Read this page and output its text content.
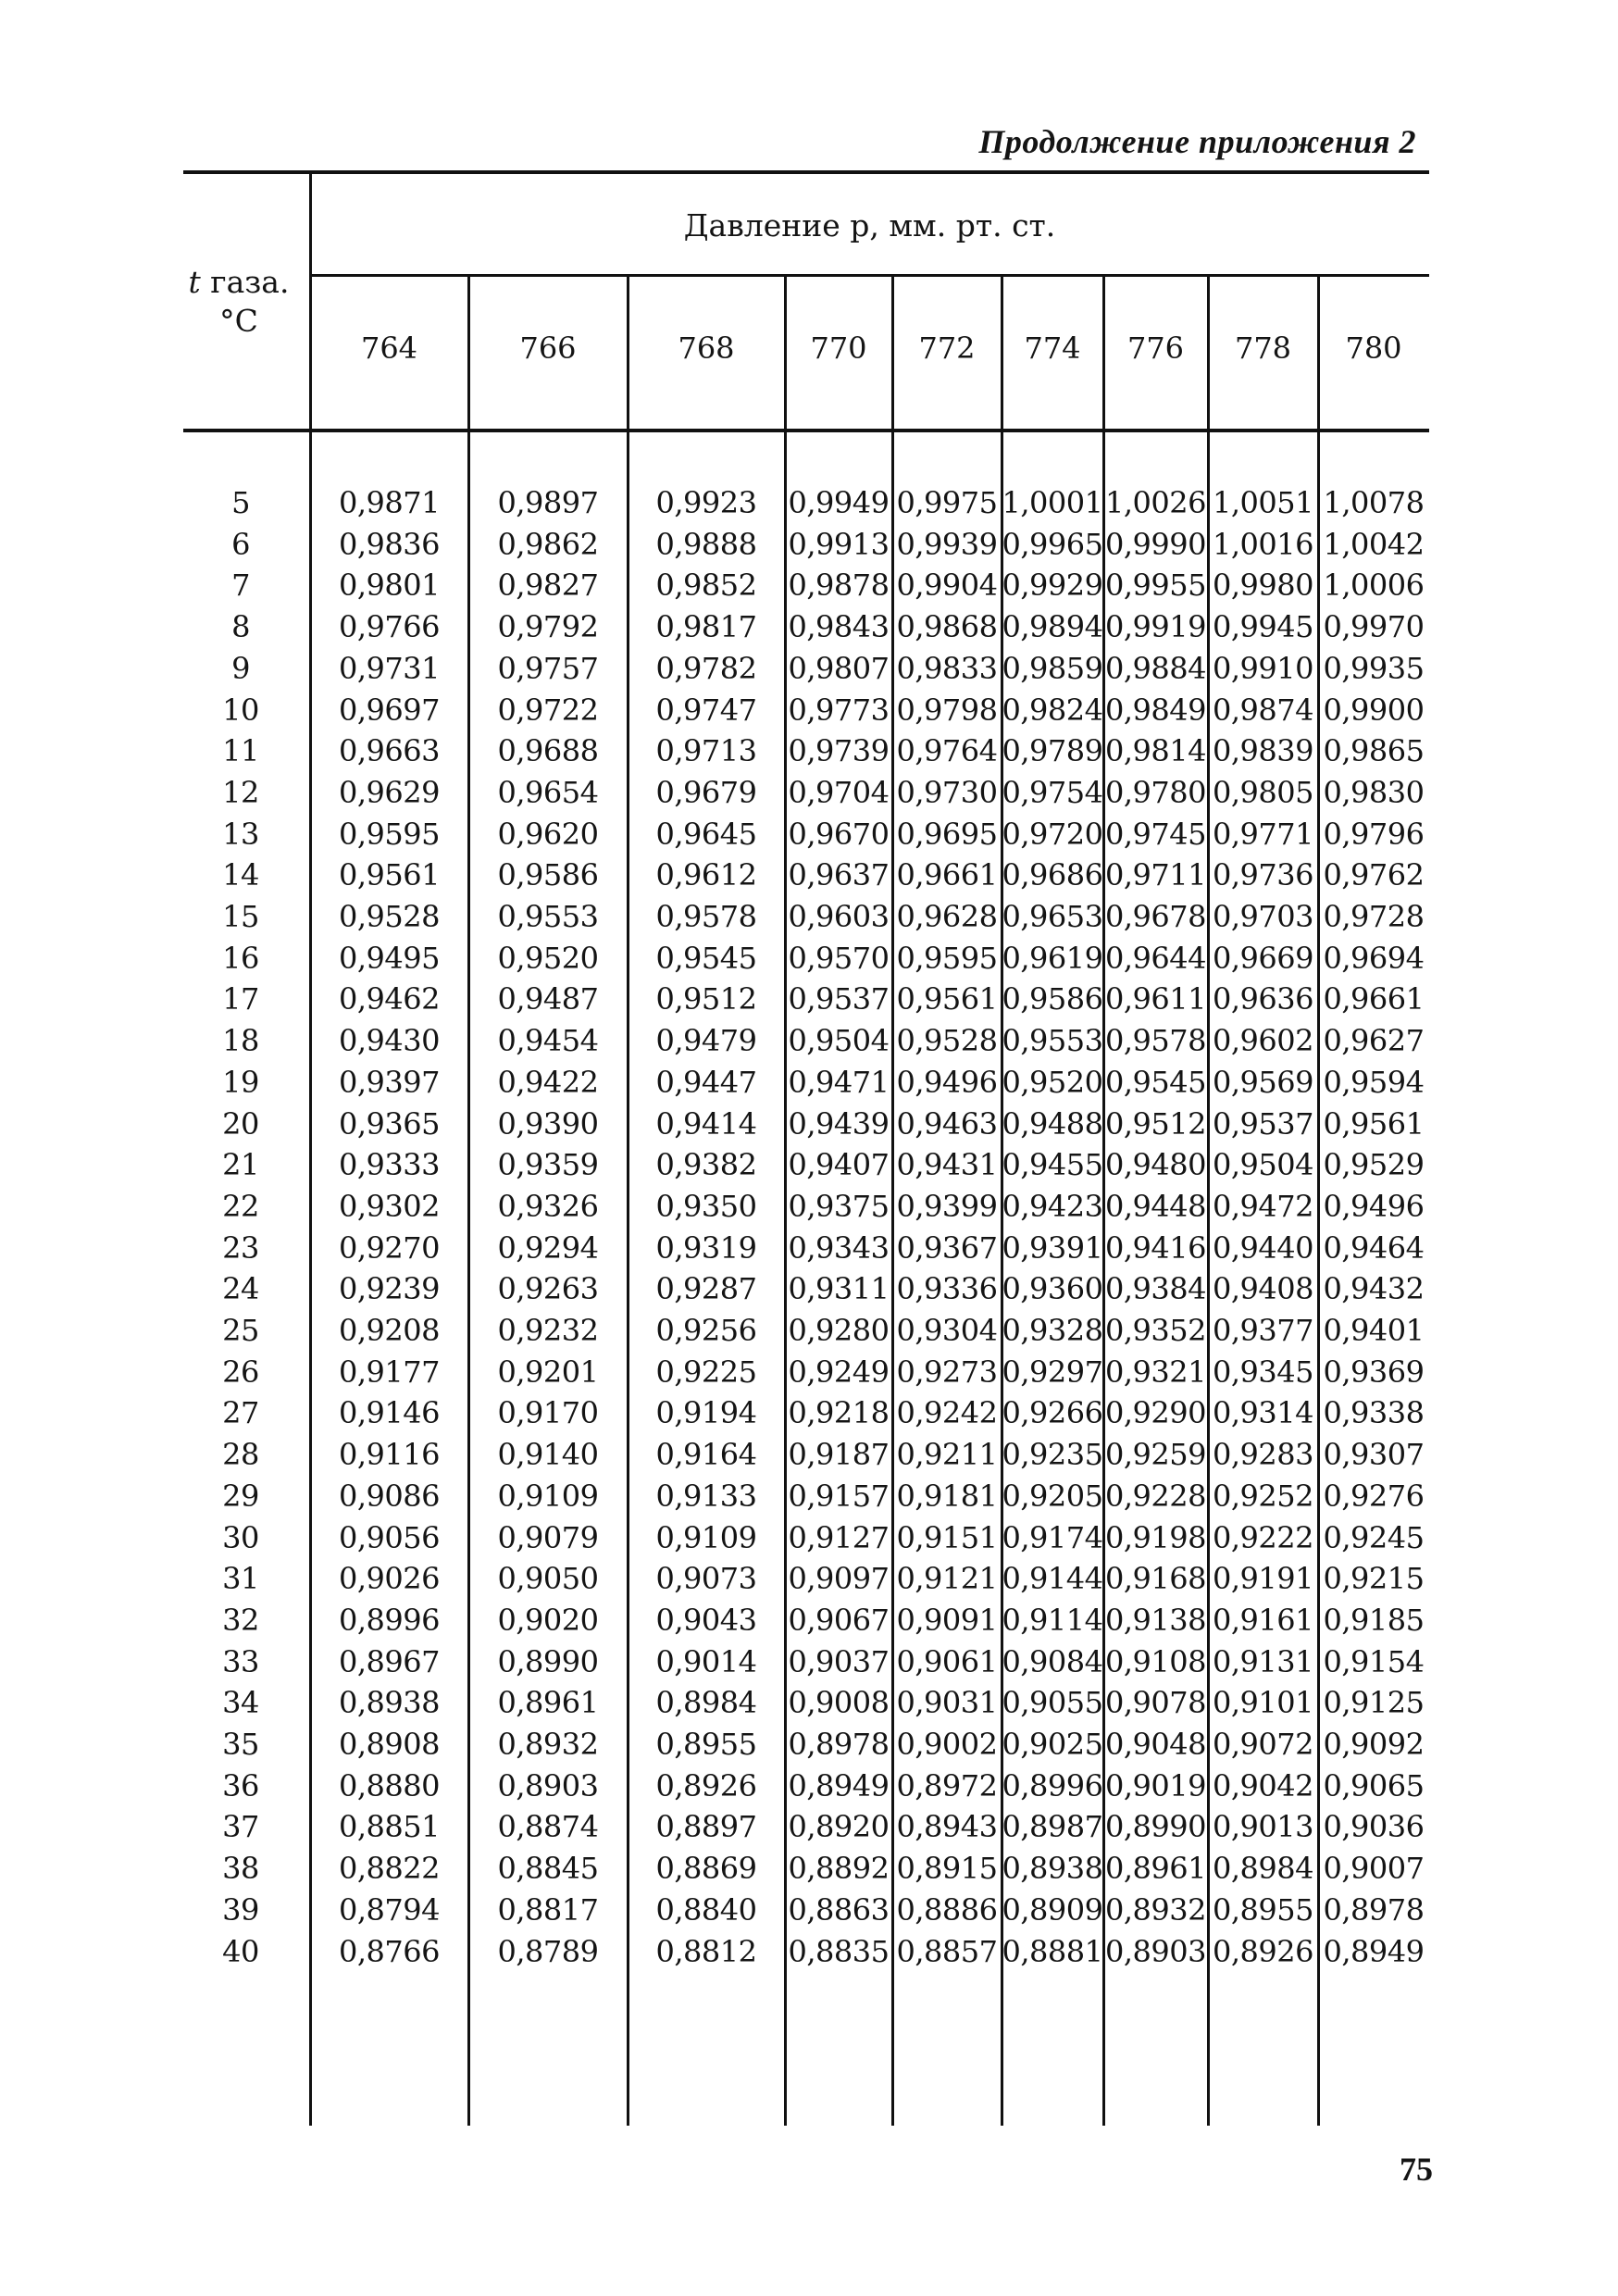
Продолжение приложения 2
t газа.
°C
Давление p, мм. рт. ст.
764	766	768	770	772	774	776	778	780
5	0,9871	0,9897	0,9923	0,9949 0,9975 1,0001 1,0026 1,0051 1,0078
6	0,9836	0,9862	0,9888	0,9913 0,9939 0,9965 0,9990 1,0016 1,0042
7	0,9801	0,9827	0,9852	0,9878 0,9904 0,9929 0,9955 0,9980 1,0006
8	0,9766	0,9792	0,9817	0,9843 0,9868 0,9894 0,9919 0,9945 0,9970
9	0,9731	0,9757	0,9782	0,9807 0,9833 0,9859 0,9884 0,9910 0,9935
10	0,9697	0,9722	0,9747	0,9773 0,9798 0,9824 0,9849 0,9874 0,9900
11	0,9663	0,9688	0,9713	0,9739 0,9764 0,9789 0,9814 0,9839 0,9865
12	0,9629	0,9654	0,9679	0,9704 0,9730 0,9754 0,9780 0,9805 0,9830
13	0,9595	0,9620	0,9645	0,9670 0,9695 0,9720 0,9745 0,9771 0,9796
14	0,9561	0,9586	0,9612	0,9637 0,9661 0,9686 0,9711 0,9736 0,9762
15	0,9528	0,9553	0,9578	0,9603 0,9628 0,9653 0,9678 0,9703 0,9728
16	0,9495	0,9520	0,9545	0,9570 0,9595 0,9619 0,9644 0,9669 0,9694
17	0,9462	0,9487	0,9512	0,9537 0,9561 0,9586 0,9611 0,9636 0,9661
18	0,9430	0,9454	0,9479	0,9504 0,9528 0,9553 0,9578 0,9602 0,9627
19	0,9397	0,9422	0,9447	0,9471 0,9496 0,9520 0,9545 0,9569 0,9594
20	0,9365	0,9390	0,9414	0,9439 0,9463 0,9488 0,9512 0,9537 0,9561
21	0,9333	0,9359	0,9382	0,9407 0,9431 0,9455 0,9480 0,9504 0,9529
22	0,9302	0,9326	0,9350	0,9375 0,9399 0,9423 0,9448 0,9472 0,9496
23	0,9270	0,9294	0,9319	0,9343 0,9367 0,9391 0,9416 0,9440 0,9464
24	0,9239	0,9263	0,9287	0,9311 0,9336 0,9360 0,9384 0,9408 0,9432
25	0,9208	0,9232	0,9256	0,9280 0,9304 0,9328 0,9352 0,9377 0,9401
26	0,9177	0,9201	0,9225	0,9249 0,9273 0,9297 0,9321 0,9345 0,9369
27	0,9146	0,9170	0,9194	0,9218 0,9242 0,9266 0,9290 0,9314 0,9338
28	0,9116	0,9140	0,9164	0,9187 0,9211 0,9235 0,9259 0,9283 0,9307
29	0,9086	0,9109	0,9133	0,9157 0,9181 0,9205 0,9228 0,9252 0,9276
30	0,9056	0,9079	0,9109	0,9127 0,9151 0,9174 0,9198 0,9222 0,9245
31	0,9026	0,9050	0,9073	0,9097 0,9121 0,9144 0,9168 0,9191 0,9215
32	0,8996	0,9020	0,9043	0,9067 0,9091 0,9114 0,9138 0,9161 0,9185
33	0,8967	0,8990	0,9014	0,9037 0,9061 0,9084 0,9108 0,9131 0,9154
34	0,8938	0,8961	0,8984	0,9008 0,9031 0,9055 0,9078 0,9101 0,9125
35	0,8908	0,8932	0,8955	0,8978 0,9002 0,9025 0,9048 0,9072 0,9092
36	0,8880	0,8903	0,8926	0,8949 0,8972 0,8996 0,9019 0,9042 0,9065
37	0,8851	0,8874	0,8897	0,8920 0,8943 0,8987 0,8990 0,9013 0,9036
38	0,8822	0,8845	0,8869	0,8892 0,8915 0,8938 0,8961 0,8984 0,9007
39	0,8794	0,8817	0,8840	0,8863 0,8886 0,8909 0,8932 0,8955 0,8978
40	0,8766	0,8789	0,8812	0,8835 0,8857 0,8881 0,8903 0,8926 0,8949
75
